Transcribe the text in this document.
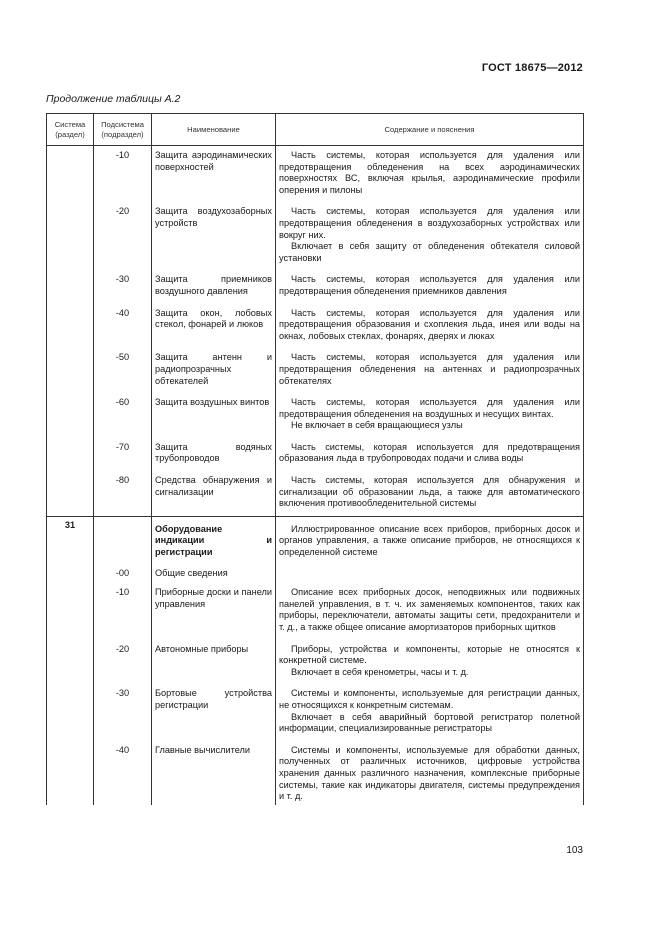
ГОСТ 18675—2012
Продолжение таблицы А.2
Система (раздел)	Подсистема (подраздел)	Наименование	Содержание и пояснения
	-10	Защита аэродинамических поверхностей	Часть системы, которая используется для удаления или предотвращения обледенения на всех аэродинамических поверхностях ВС, включая крылья, аэродинамические профили оперения и пилоны

	-20	Защита воздухозаборных устройств	Часть системы, которая используется для удаления или предотвращения обледенения в воздухозаборных устройствах или вокруг них.

Включает в себя защиту от обледенения обтекателя силовой установки

	-30	Защита приемников воздушного давления	Часть системы, которая используется для удаления или предотвращения обледенения приемников давления

	-40	Защита окон, лобовых стекол, фонарей и люков	Часть системы, которая используется для удаления или предотвращения образования и схоплекия льда, инея или воды на окнах, лобовых стеклах, фонарях, дверях и люках

	-50	Защита антенн и радиопрозрачных обтекателей	Часть системы, которая используется для удаления или предотвращения обледенения на антеннах и радиопрозрачных обтекателях

	-60	Защита воздушных винтов	Часть системы, которая используется для удаления или предотвращения обледенения на воздушных и несущих винтах.

Не включает в себя вращающиеся узлы

	-70	Защита водяных трубопроводов	Часть системы, которая используется для предотвращения образования льда в трубопроводах подачи и слива воды

	-80	Средства обнаружения и сигнализации	Часть системы, которая используется для обнаружения и сигнализации об образовании льда, а также для автоматического включения противообледенительной системы

31		Оборудование индикации и регистрации	Иллюстрированное описание всех приборов, приборных досок и органов управления, а также описание приборов, не относящихся к определенной системе

	-00	Общие сведения	
	-10	Приборные доски и панели управления	Описание всех приборных досок, неподвижных или подвижных панелей управления, в т. ч. их заменяемых компонентов, таких как приборы, переключатели, автоматы защиты сети, предохранители и т. д., а также общее описание амортизаторов приборных щитков

	-20	Автономные приборы	Приборы, устройства и компоненты, которые не относятся к конкретной системе.

Включает в себя кренометры, часы и т. д.

	-30	Бортовые устройства регистрации	Системы и компоненты, используемые для регистрации данных, не относящихся к конкретным системам.

Включает в себя аварийный бортовой регистратор полетной информации, специализированные регистраторы

	-40	Главные вычислители	Системы и компоненты, используемые для обработки данных, полученных от различных источников, цифровые устройства хранения данных различного назначения, комплексные приборные системы, такие как индикаторы двигателя, системы предупреждения и т. д.

103
